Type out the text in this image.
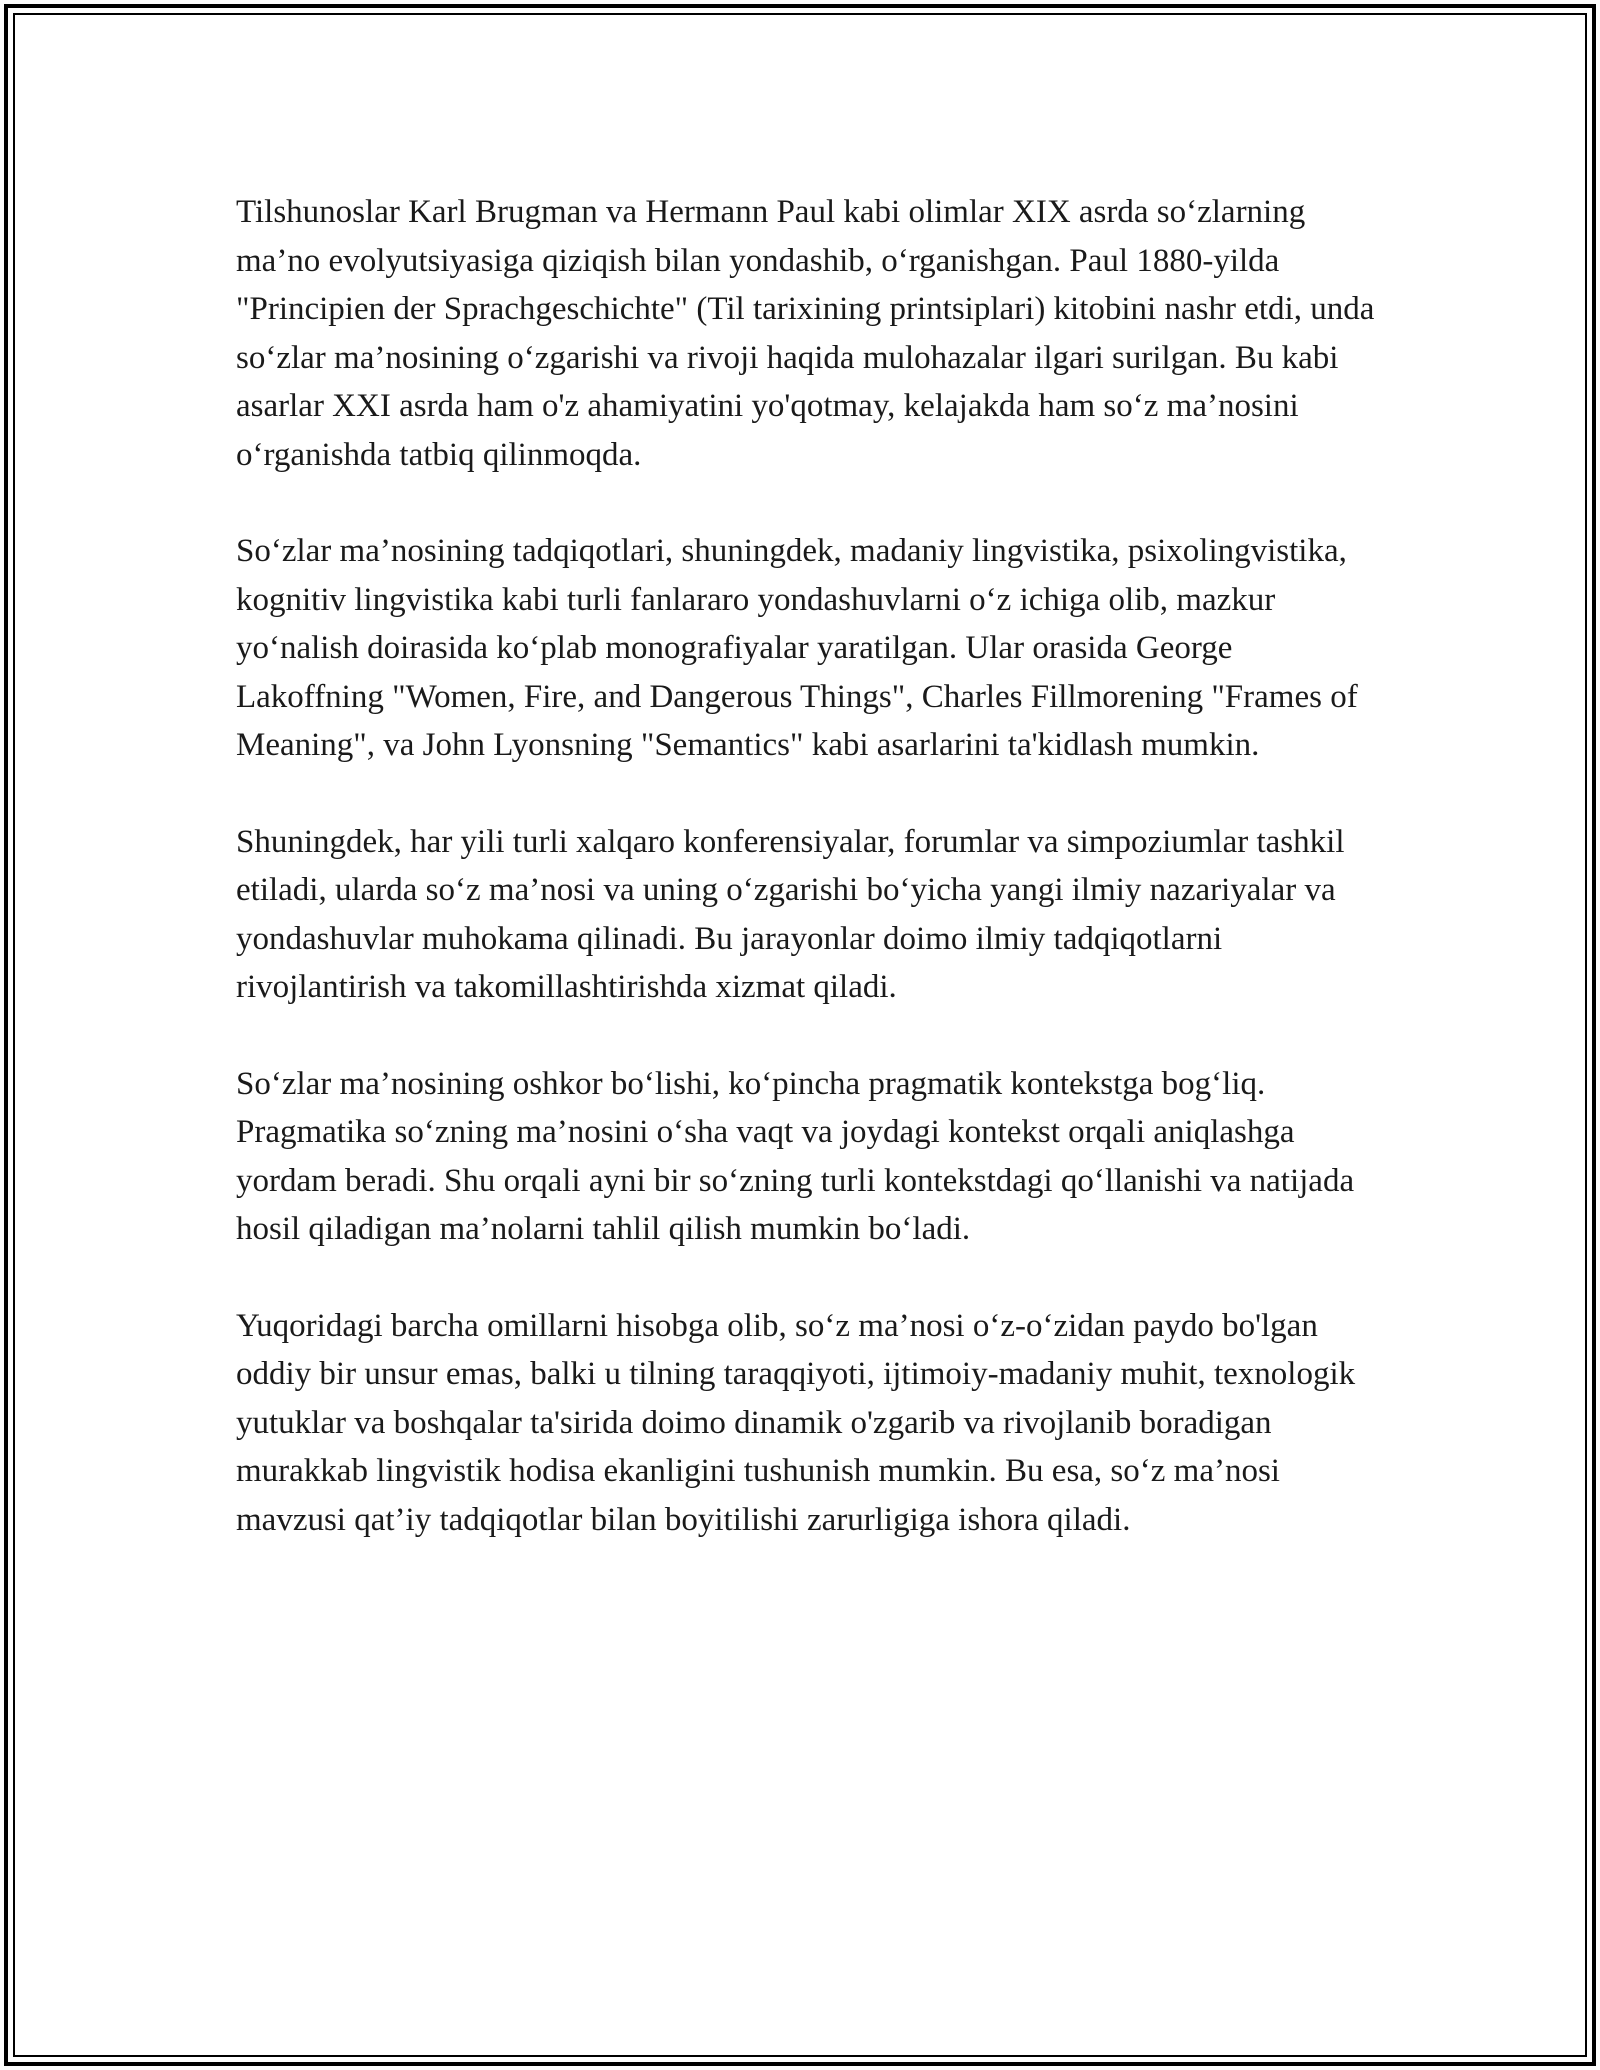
Tilshunoslar Karl Brugman va Hermann Paul kabi olimlar XIX asrda so‘zlarning ma’no evolyutsiyasiga qiziqish bilan yondashib, o‘rganishgan. Paul 1880-yilda "Principien der Sprachgeschichte" (Til tarixining printsiplari) kitobini nashr etdi, unda so‘zlar ma’nosining o‘zgarishi va rivoji haqida mulohazalar ilgari surilgan. Bu kabi asarlar XXI asrda ham o'z ahamiyatini yo'qotmay, kelajakda ham so‘z ma’nosini o‘rganishda tatbiq qilinmoqda.

So‘zlar ma’nosining tadqiqotlari, shuningdek, madaniy lingvistika, psixolingvistika, kognitiv lingvistika kabi turli fanlararo yondashuvlarni o‘z ichiga olib, mazkur yo‘nalish doirasida ko‘plab monografiyalar yaratilgan. Ular orasida George Lakoffning "Women, Fire, and Dangerous Things", Charles Fillmorening "Frames of Meaning", va John Lyonsning "Semantics" kabi asarlarini ta'kidlash mumkin.

Shuningdek, har yili turli xalqaro konferensiyalar, forumlar va simpoziumlar tashkil etiladi, ularda so‘z ma’nosi va uning o‘zgarishi bo‘yicha yangi ilmiy nazariyalar va yondashuvlar muhokama qilinadi. Bu jarayonlar doimo ilmiy tadqiqotlarni rivojlantirish va takomillashtirishda xizmat qiladi.

So‘zlar ma’nosining oshkor bo‘lishi, ko‘pincha pragmatik kontekstga bog‘liq. Pragmatika so‘zning ma’nosini o‘sha vaqt va joydagi kontekst orqali aniqlashga yordam beradi. Shu orqali ayni bir so‘zning turli kontekstdagi qo‘llanishi va natijada hosil qiladigan ma’nolarni tahlil qilish mumkin bo‘ladi.

Yuqoridagi barcha omillarni hisobga olib, so‘z ma’nosi o‘z-o‘zidan paydo bo'lgan oddiy bir unsur emas, balki u tilning taraqqiyoti, ijtimoiy-madaniy muhit, texnologik yutuklar va boshqalar ta'sirida doimo dinamik o'zgarib va rivojlanib boradigan murakkab lingvistik hodisa ekanligini tushunish mumkin. Bu esa, so‘z ma’nosi mavzusi qat’iy tadqiqotlar bilan boyitilishi zarurligiga ishora qiladi.
